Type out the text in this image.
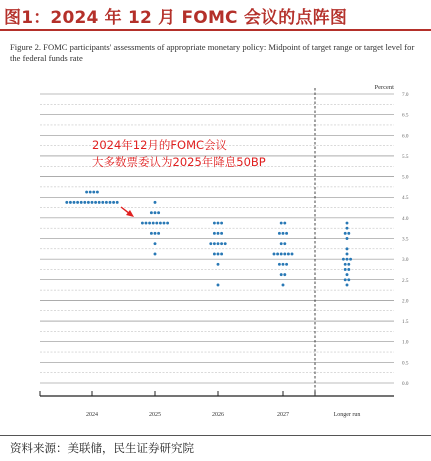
图1：2024 年 12 月 FOMC 会议的点阵图
Figure 2. FOMC participants' assessments of appropriate monetary policy: Midpoint of target range or target level for the federal funds rate
0.0
0.5
1.0
1.5
2.0
2.5
3.0
3.5
4.0
4.5
5.0
5.5
6.0
6.5
7.0
Percent
2024	2025	2026	2027	Longer run
2024年12月的FOMC会议
大多数票委认为2025年降息50BP
资料来源：美联储，民生证券研究院
